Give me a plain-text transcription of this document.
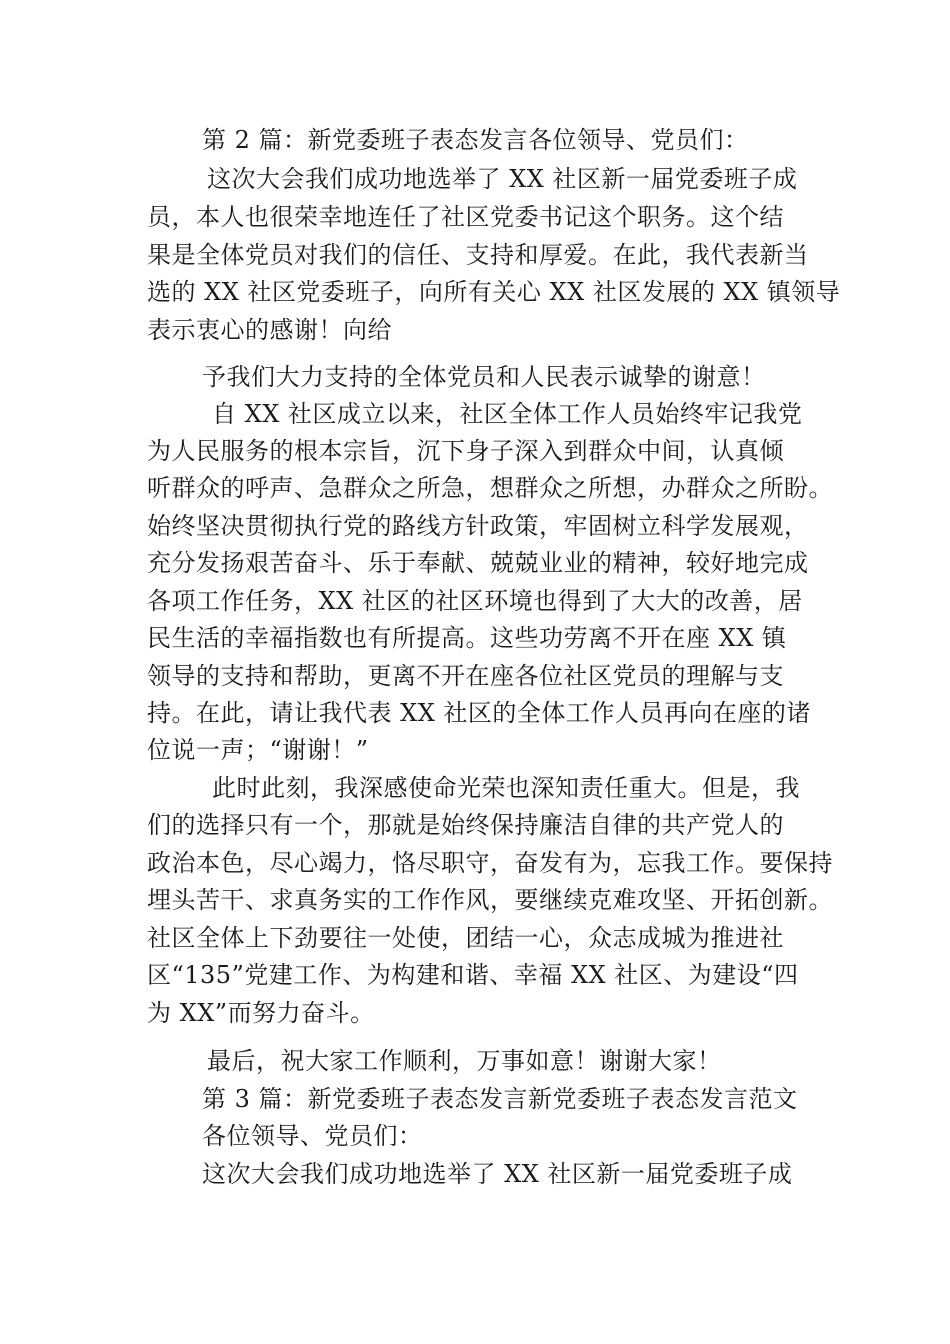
第 2 篇：新党委班子表态发言各位领导、党员们：
这次大会我们成功地选举了 XX 社区新一届党委班子成
员，本人也很荣幸地连任了社区党委书记这个职务。这个结
果是全体党员对我们的信任、支持和厚爱。在此，我代表新当
选的 XX 社区党委班子，向所有关心 XX 社区发展的 XX 镇领导
表示衷心的感谢！向给
予我们大力支持的全体党员和人民表示诚挚的谢意！
自 XX 社区成立以来，社区全体工作人员始终牢记我党
为人民服务的根本宗旨，沉下身子深入到群众中间，认真倾
听群众的呼声、急群众之所急，想群众之所想，办群众之所盼。
始终坚决贯彻执行党的路线方针政策，牢固树立科学发展观，
充分发扬艰苦奋斗、乐于奉献、兢兢业业的精神，较好地完成
各项工作任务，XX 社区的社区环境也得到了大大的改善，居
民生活的幸福指数也有所提高。这些功劳离不开在座 XX 镇
领导的支持和帮助，更离不开在座各位社区党员的理解与支
持。在此，请让我代表 XX 社区的全体工作人员再向在座的诸
位说一声；“谢谢！”
此时此刻，我深感使命光荣也深知责任重大。但是，我
们的选择只有一个，那就是始终保持廉洁自律的共产党人的
政治本色，尽心竭力，恪尽职守，奋发有为，忘我工作。要保持
埋头苦干、求真务实的工作作风，要继续克难攻坚、开拓创新。
社区全体上下劲要往一处使，团结一心，众志成城为推进社
区“135”党建工作、为构建和谐、幸福 XX 社区、为建设“四
为 XX”而努力奋斗。
最后，祝大家工作顺利，万事如意！谢谢大家！
第 3 篇：新党委班子表态发言新党委班子表态发言范文
各位领导、党员们：
这次大会我们成功地选举了 XX 社区新一届党委班子成
